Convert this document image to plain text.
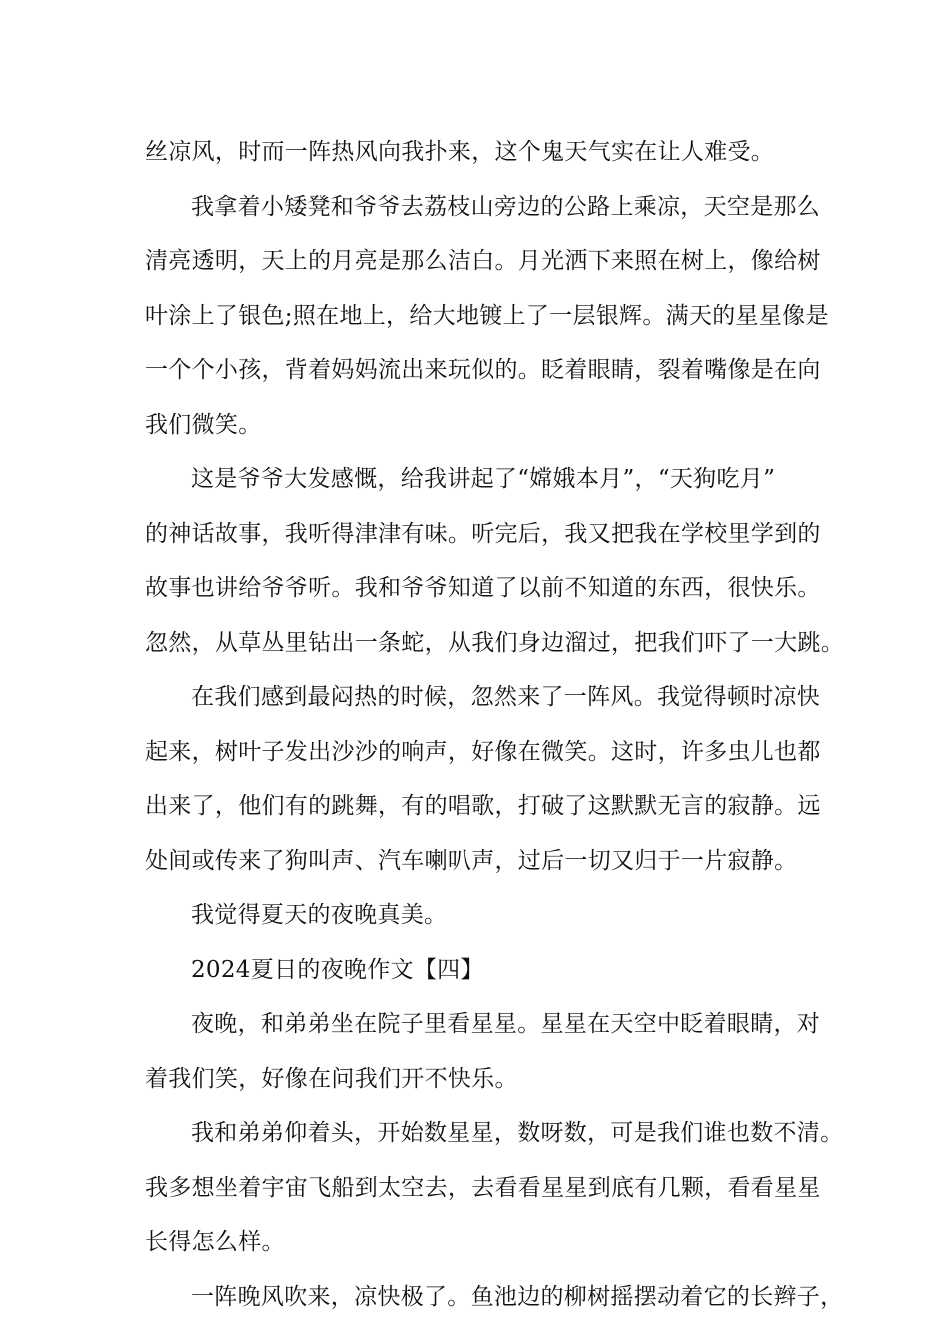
丝凉风，时而一阵热风向我扑来，这个鬼天气实在让人难受。
我拿着小矮凳和爷爷去荔枝山旁边的公路上乘凉，天空是那么
清亮透明，天上的月亮是那么洁白。月光洒下来照在树上，像给树
叶涂上了银色;照在地上，给大地镀上了一层银辉。满天的星星像是
一个个小孩，背着妈妈流出来玩似的。眨着眼睛，裂着嘴像是在向
我们微笑。
这是爷爷大发感慨，给我讲起了“嫦娥本月”，“天狗吃月”
的神话故事，我听得津津有味。听完后，我又把我在学校里学到的
故事也讲给爷爷听。我和爷爷知道了以前不知道的东西，很快乐。
忽然，从草丛里钻出一条蛇，从我们身边溜过，把我们吓了一大跳。
在我们感到最闷热的时候，忽然来了一阵风。我觉得顿时凉快
起来，树叶子发出沙沙的响声，好像在微笑。这时，许多虫儿也都
出来了，他们有的跳舞，有的唱歌，打破了这默默无言的寂静。远
处间或传来了狗叫声、汽车喇叭声，过后一切又归于一片寂静。
我觉得夏天的夜晚真美。
2024夏日的夜晚作文【四】
夜晚，和弟弟坐在院子里看星星。星星在天空中眨着眼睛，对
着我们笑，好像在问我们开不快乐。
我和弟弟仰着头，开始数星星，数呀数，可是我们谁也数不清。
我多想坐着宇宙飞船到太空去，去看看星星到底有几颗，看看星星
长得怎么样。
一阵晚风吹来，凉快极了。鱼池边的柳树摇摆动着它的长辫子，
